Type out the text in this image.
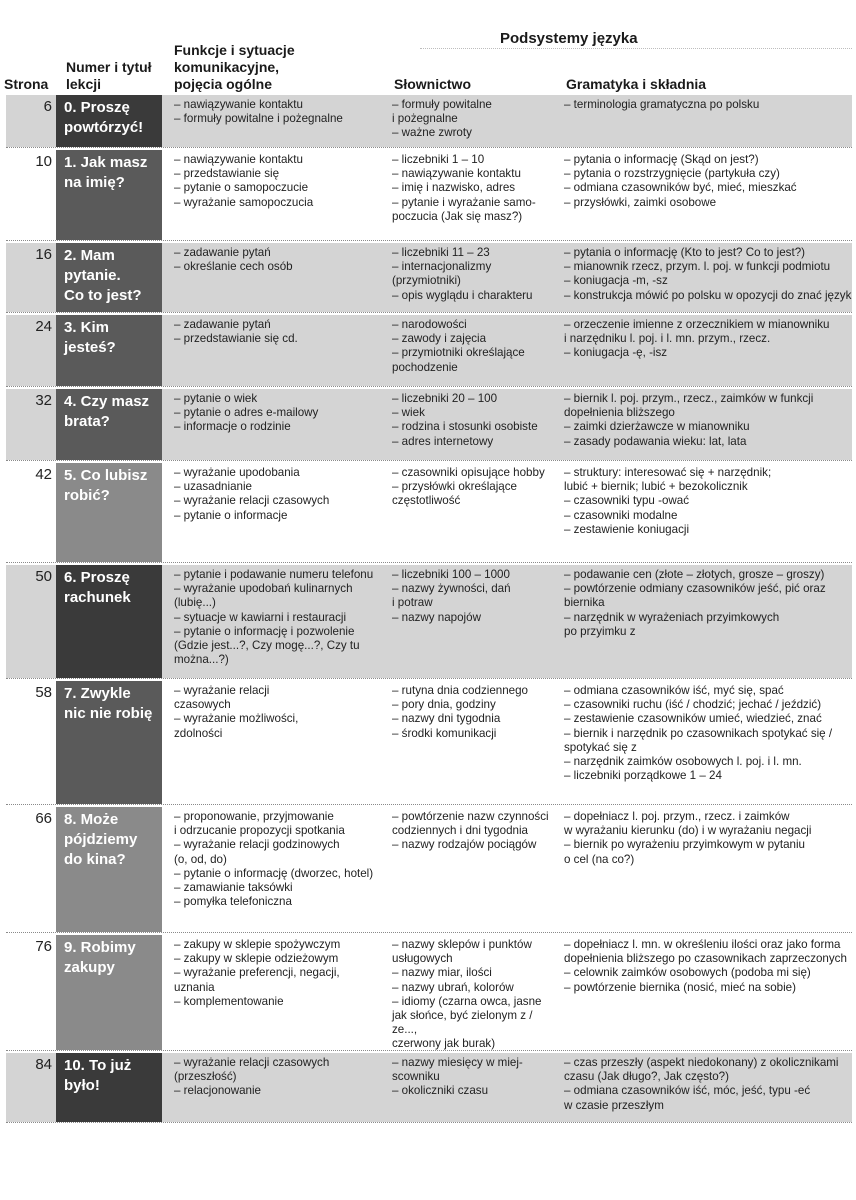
Podsystemy języka
Strona
Numer i tytuł
lekcji
Funkcje i sytuacje
komunikacyjne,
pojęcia ogólne	Słownictwo	Gramatyka i składnia
6 0. Proszę
powtórzyć!
– nawiązywanie kontaktu
– formuły powitalne i pożegnalne
– formuły powitalne
i pożegnalne
– ważne zwroty
– terminologia gramatyczna po polsku
10 1. Jak masz
na imię?
– nawiązywanie kontaktu
– przedstawianie się
– pytanie o samopoczucie
– wyrażanie samopoczucia
– liczebniki 1 – 10
– nawiązywanie kontaktu
– imię i nazwisko, adres
– pytanie i wyrażanie samo-
poczucia (Jak się masz?)
– pytania o informację (Skąd on jest?)
– pytania o rozstrzygnięcie (partykuła czy)
– odmiana czasowników być, mieć, mieszkać
– przysłówki, zaimki osobowe
16 2. Mam
pytanie.
Co to jest?
– zadawanie pytań
– określanie cech osób
– liczebniki 11 – 23
– internacjonalizmy
(przymiotniki)
– opis wyglądu i charakteru
– pytania o informację (Kto to jest? Co to jest?)
– mianownik rzecz, przym. l. poj. w funkcji podmiotu
– koniugacja -m, -sz
– konstrukcja mówić po polsku w opozycji do znać język
24 3. Kim
jesteś?
– zadawanie pytań
– przedstawianie się cd.
– narodowości
– zawody i zajęcia
– przymiotniki określające
pochodzenie
– orzeczenie imienne z orzecznikiem w mianowniku
i narzędniku l. poj. i l. mn. przym., rzecz.
– koniugacja -ę, -isz
32 4. Czy masz
brata?
– pytanie o wiek
– pytanie o adres e-mailowy
– informacje o rodzinie
– liczebniki 20 – 100
– wiek
– rodzina i stosunki osobiste
– adres internetowy
– biernik l. poj. przym., rzecz., zaimków w funkcji
dopełnienia bliższego
– zaimki dzierżawcze w mianowniku
– zasady podawania wieku: lat, lata
42 5. Co lubisz
robić?
– wyrażanie upodobania
– uzasadnianie
– wyrażanie relacji czasowych
– pytanie o informacje
– czasowniki opisujące hobby
– przysłówki określające
częstotliwość
– struktury: interesować się + narzędnik;
lubić + biernik; lubić + bezokolicznik
– czasowniki typu -ować
– czasowniki modalne
– zestawienie koniugacji
50 6. Proszę
rachunek
– pytanie i podawanie numeru telefonu
– wyrażanie upodobań kulinarnych
(lubię...)
– sytuacje w kawiarni i restauracji
– pytanie o informację i pozwolenie
(Gdzie jest...?, Czy mogę...?, Czy tu
można...?)
– liczebniki 100 – 1000
– nazwy żywności, dań
i potraw
– nazwy napojów
– podawanie cen (złote – złotych, grosze – groszy)
– powtórzenie odmiany czasowników jeść, pić oraz
biernika
– narzędnik w wyrażeniach przyimkowych
po przyimku z
58 7. Zwykle
nic nie robię
– wyrażanie relacji
czasowych
– wyrażanie możliwości,
zdolności
– rutyna dnia codziennego
– pory dnia, godziny
– nazwy dni tygodnia
– środki komunikacji
– odmiana czasowników iść, myć się, spać
– czasowniki ruchu (iść / chodzić; jechać / jeździć)
– zestawienie czasowników umieć, wiedzieć, znać
– biernik i narzędnik po czasownikach spotykać się /
spotykać się z
– narzędnik zaimków osobowych l. poj. i l. mn.
– liczebniki porządkowe 1 – 24
66 8. Może
pójdziemy
do kina?
– proponowanie, przyjmowanie
i odrzucanie propozycji spotkania
– wyrażanie relacji godzinowych
(o, od, do)
– pytanie o informację (dworzec, hotel)
– zamawianie taksówki
– pomyłka telefoniczna
– powtórzenie nazw czynności
codziennych i dni tygodnia
– nazwy rodzajów pociągów
– dopełniacz l. poj. przym., rzecz. i zaimków
w wyrażaniu kierunku (do) i w wyrażaniu negacji
– biernik po wyrażeniu przyimkowym w pytaniu
o cel (na co?)
76 9. Robimy
zakupy
– zakupy w sklepie spożywczym
– zakupy w sklepie odzieżowym
– wyrażanie preferencji, negacji,
uznania
– komplementowanie
– nazwy sklepów i punktów
usługowych
– nazwy miar, ilości
– nazwy ubrań, kolorów
– idiomy (czarna owca, jasne
jak słońce, być zielonym z / ze...,
czerwony jak burak)
– dopełniacz l. mn. w określeniu ilości oraz jako forma
dopełnienia bliższego po czasownikach zaprzeczonych
– celownik zaimków osobowych (podoba mi się)
– powtórzenie biernika (nosić, mieć na sobie)
84 10. To już
było!
– wyrażanie relacji czasowych
(przeszłość)
– relacjonowanie
– nazwy miesięcy w miej-
scowniku
– okoliczniki czasu
– czas przeszły (aspekt niedokonany) z okolicznikami
czasu (Jak długo?, Jak często?)
– odmiana czasowników iść, móc, jeść, typu -eć
w czasie przeszłym
